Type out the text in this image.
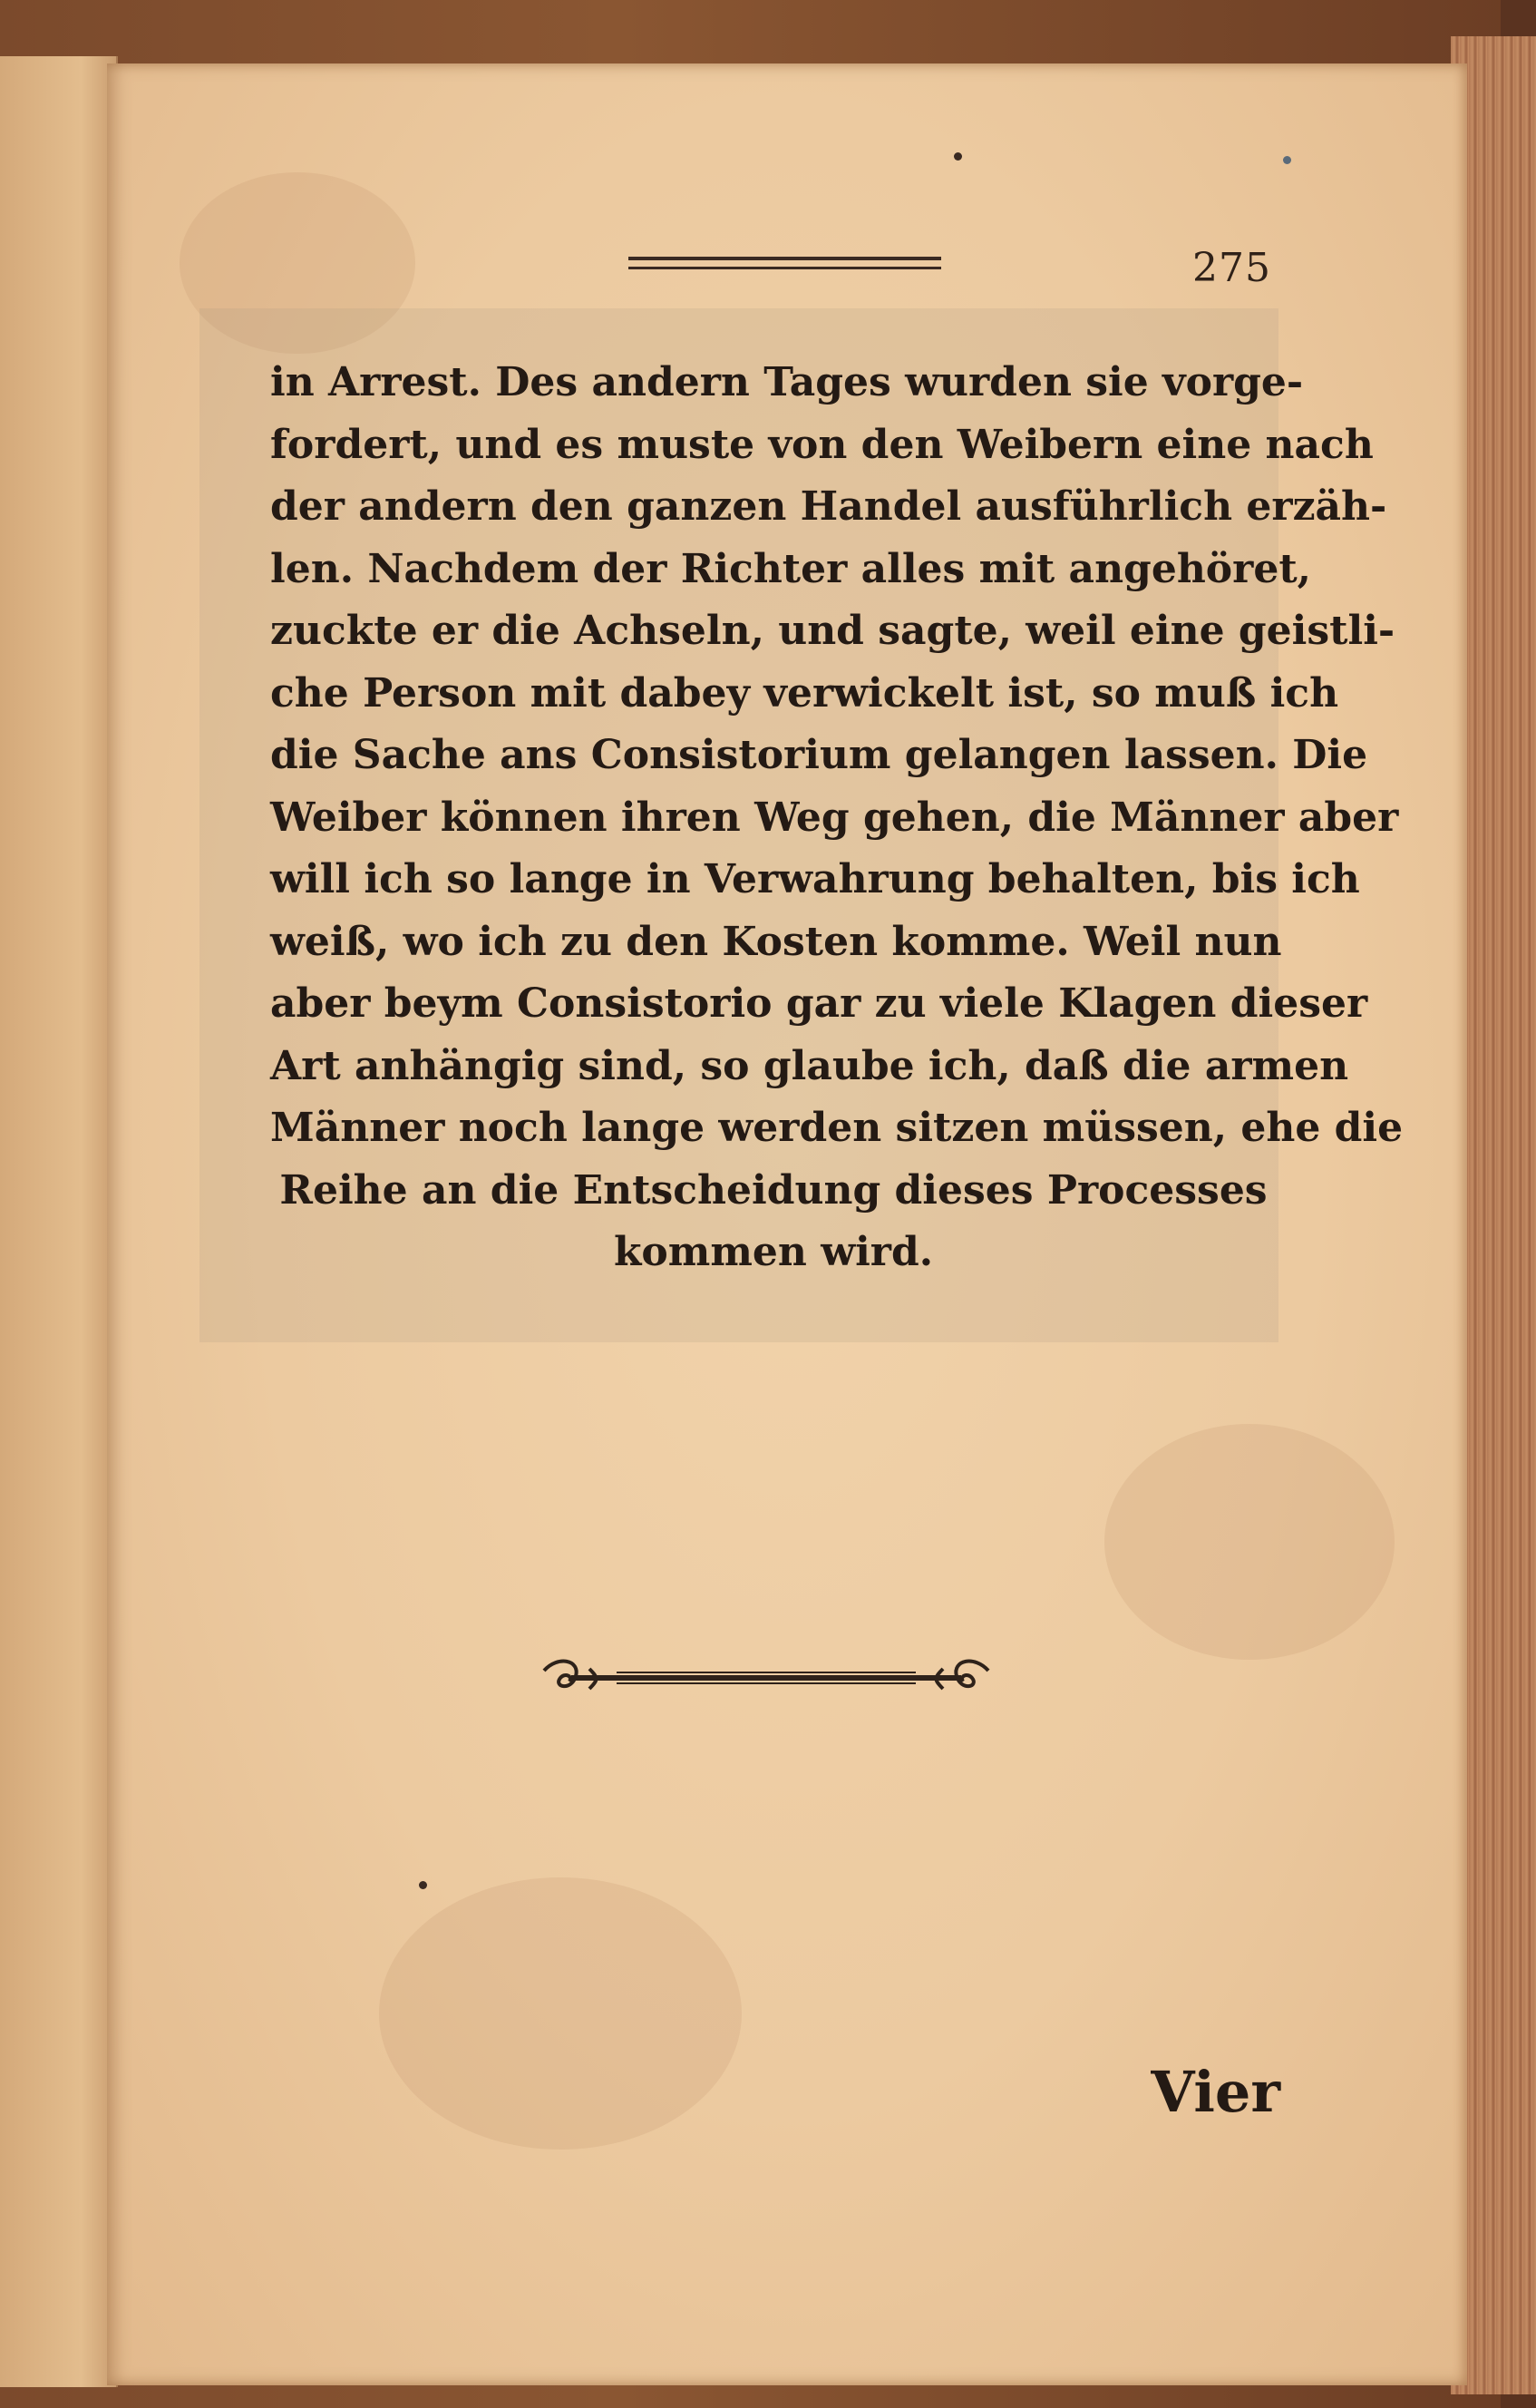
275
in Arrest. Des andern Tages wurden sie vorge-
fordert, und es muste von den Weibern eine nach
der andern den ganzen Handel ausführlich erzäh-
len. Nachdem der Richter alles mit angehöret,
zuckte er die Achseln, und sagte, weil eine geistli-
che Person mit dabey verwickelt ist, so muß ich
die Sache ans Consistorium gelangen lassen. Die
Weiber können ihren Weg gehen, die Männer aber
will ich so lange in Verwahrung behalten, bis ich
weiß, wo ich zu den Kosten komme. Weil nun
aber beym Consistorio gar zu viele Klagen dieser
Art anhängig sind, so glaube ich, daß die armen
Männer noch lange werden sitzen müssen, ehe die
Reihe an die Entscheidung dieses Processes
kommen wird.
Vier
